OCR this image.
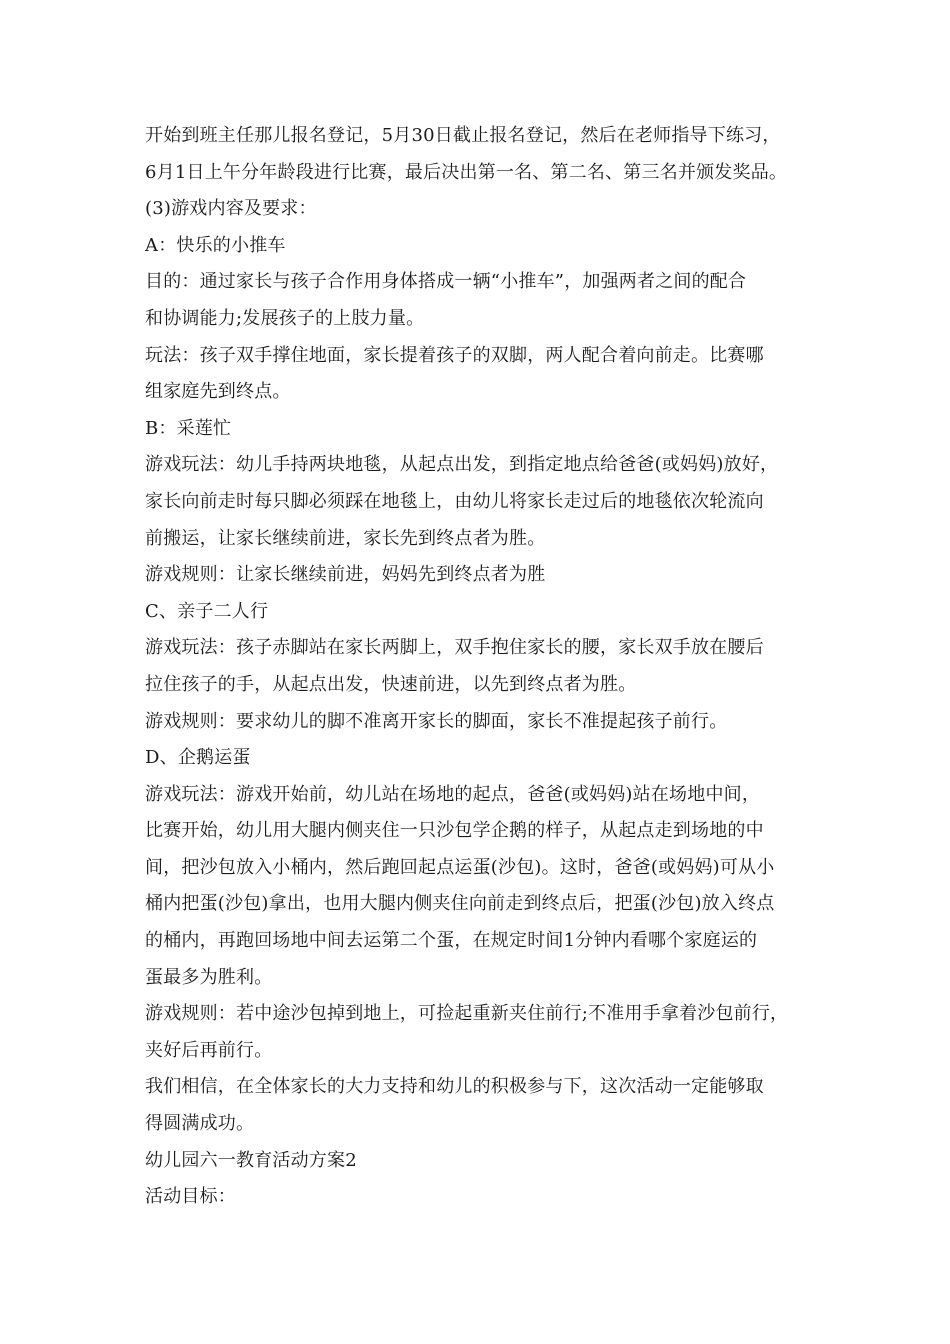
开始到班主任那儿报名登记，5月30日截止报名登记，然后在老师指导下练习，
6月1日上午分年龄段进行比赛，最后决出第一名、第二名、第三名并颁发奖品。
(3)游戏内容及要求：
A：快乐的小推车
目的：通过家长与孩子合作用身体搭成一辆“小推车”，加强两者之间的配合
和协调能力;发展孩子的上肢力量。
玩法：孩子双手撑住地面，家长提着孩子的双脚，两人配合着向前走。比赛哪
组家庭先到终点。
B：采莲忙
游戏玩法：幼儿手持两块地毯，从起点出发，到指定地点给爸爸(或妈妈)放好，
家长向前走时每只脚必须踩在地毯上，由幼儿将家长走过后的地毯依次轮流向
前搬运，让家长继续前进，家长先到终点者为胜。
游戏规则：让家长继续前进，妈妈先到终点者为胜
C、亲子二人行
游戏玩法：孩子赤脚站在家长两脚上，双手抱住家长的腰，家长双手放在腰后
拉住孩子的手，从起点出发，快速前进，以先到终点者为胜。
游戏规则：要求幼儿的脚不准离开家长的脚面，家长不准提起孩子前行。
D、企鹅运蛋
游戏玩法：游戏开始前，幼儿站在场地的起点，爸爸(或妈妈)站在场地中间，
比赛开始，幼儿用大腿内侧夹住一只沙包学企鹅的样子，从起点走到场地的中
间，把沙包放入小桶内，然后跑回起点运蛋(沙包)。这时，爸爸(或妈妈)可从小
桶内把蛋(沙包)拿出，也用大腿内侧夹住向前走到终点后，把蛋(沙包)放入终点
的桶内，再跑回场地中间去运第二个蛋，在规定时间1分钟内看哪个家庭运的
蛋最多为胜利。
游戏规则：若中途沙包掉到地上，可捡起重新夹住前行;不准用手拿着沙包前行，
夹好后再前行。
我们相信，在全体家长的大力支持和幼儿的积极参与下，这次活动一定能够取
得圆满成功。
幼儿园六一教育活动方案2
活动目标：
